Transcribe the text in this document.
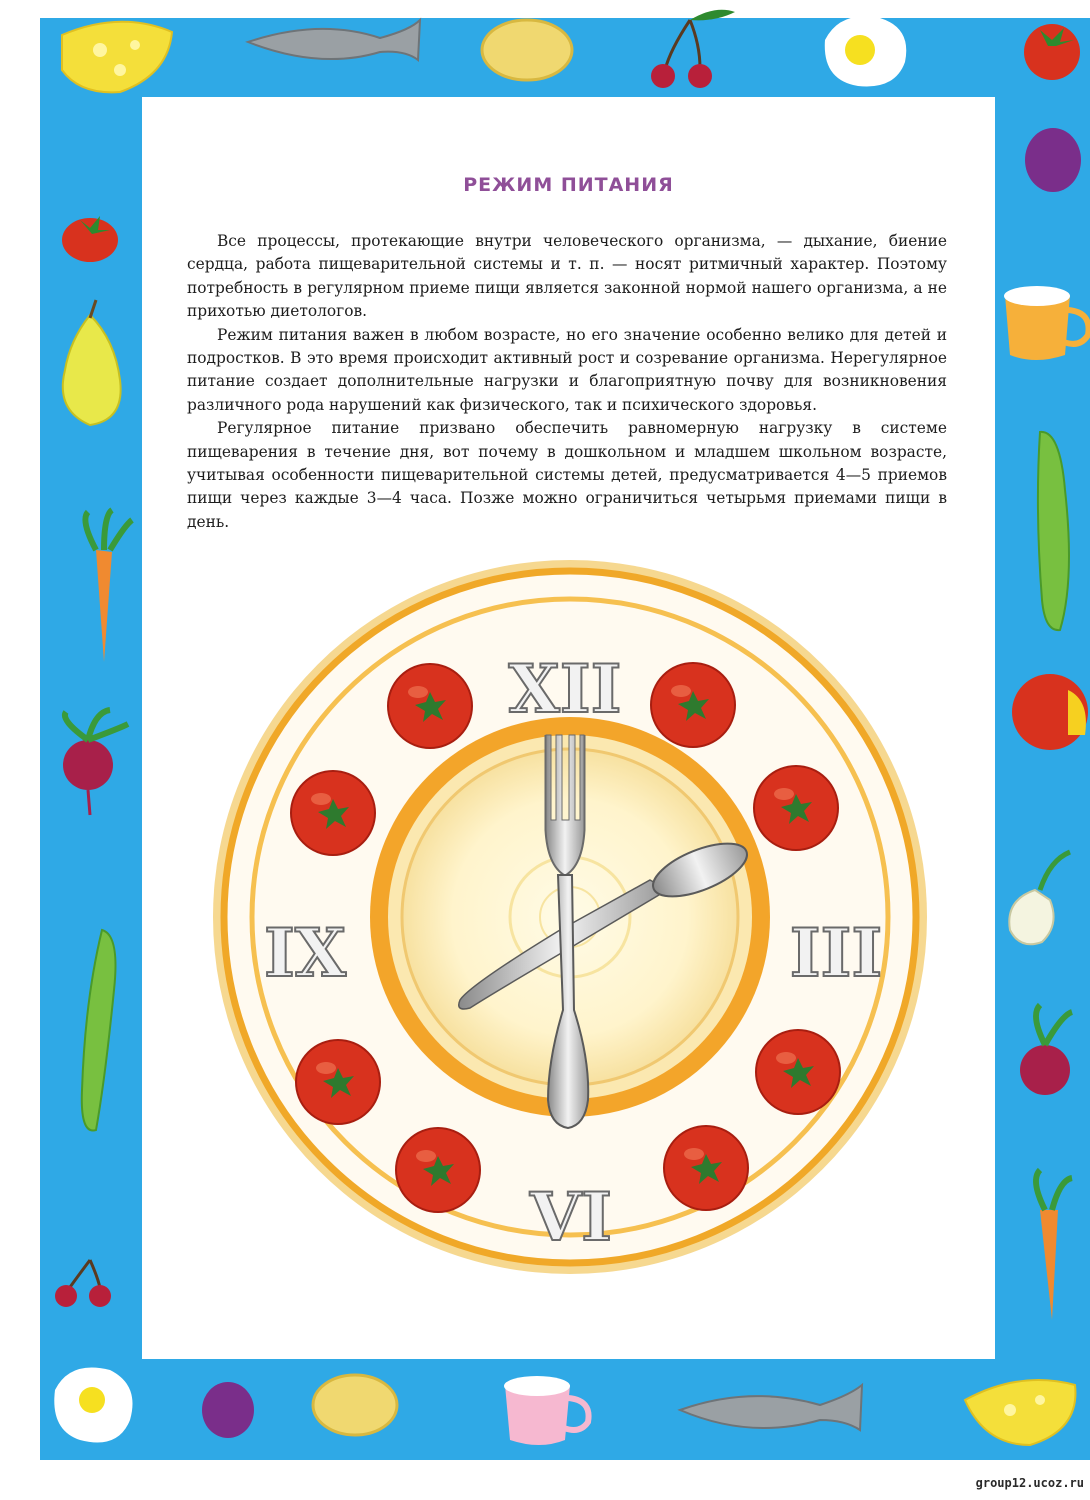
РЕЖИМ ПИТАНИЯ

Все процессы, протекающие внутри человеческого организма, — дыхание, биение сердца, работа пищеварительной системы и т. п. — носят ритмичный характер. Поэтому потребность в регулярном приеме пищи является законной нормой нашего организма, а не прихотью диетологов.

Режим питания важен в любом возрасте, но его значение особенно велико для детей и подростков. В это время происходит активный рост и созревание организма. Нерегулярное питание создает дополнительные нагрузки и благоприятную почву для возникновения различного рода нарушений как физического, так и психического здоровья.

Регулярное питание призвано обеспечить равномерную нагрузку в системе пищеварения в течение дня, вот почему в дошкольном и младшем школьном возрасте, учитывая особенности пищеварительной системы детей, предусматривается 4—5 приемов пищи через каждые 3—4 часа. Позже можно ограничиться четырьмя приемами пищи в день.

XII
III
VI
IX
group12.ucoz.ru
